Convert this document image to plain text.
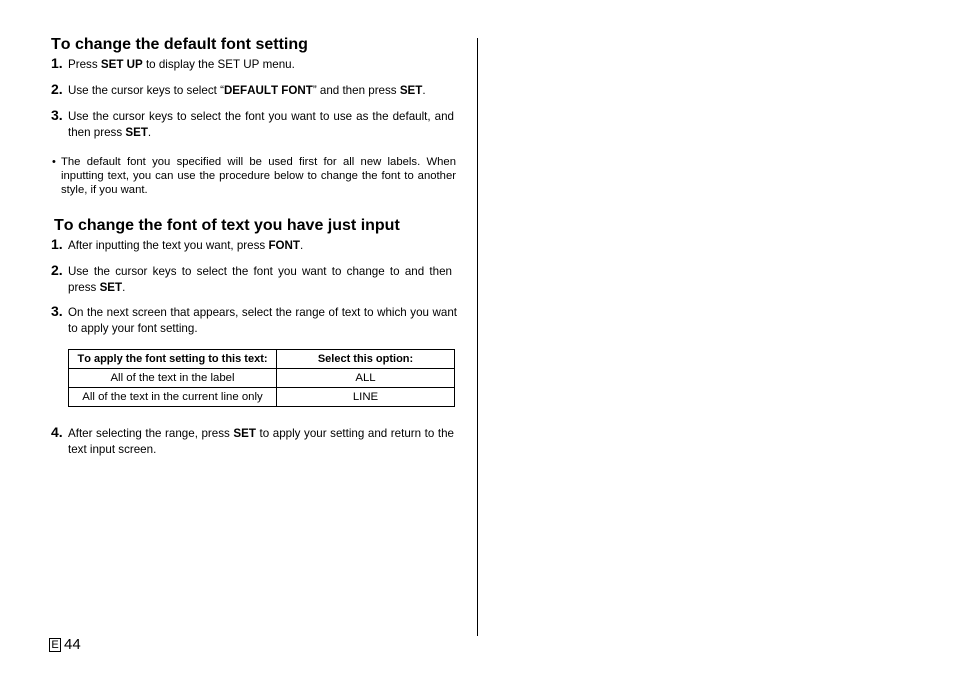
To change the default font setting
1. Press SET UP to display the SET UP menu.
2. Use the cursor keys to select “DEFAULT FONT” and then press SET.
3. Use the cursor keys to select the font you want to use as the default, and then press SET.
• The default font you specified will be used first for all new labels. When inputting text, you can use the procedure below to change the font to another style, if you want.
To change the font of text you have just input
1. After inputting the text you want, press FONT.
2. Use the cursor keys to select the font you want to change to and then press SET.
3. On the next screen that appears, select the range of text to which you want to apply your font setting.
To apply the font setting to this text:	Select this option:
All of the text in the label	ALL
All of the text in the current line only	LINE
4. After selecting the range, press SET to apply your setting and return to the text input screen.
E 44
